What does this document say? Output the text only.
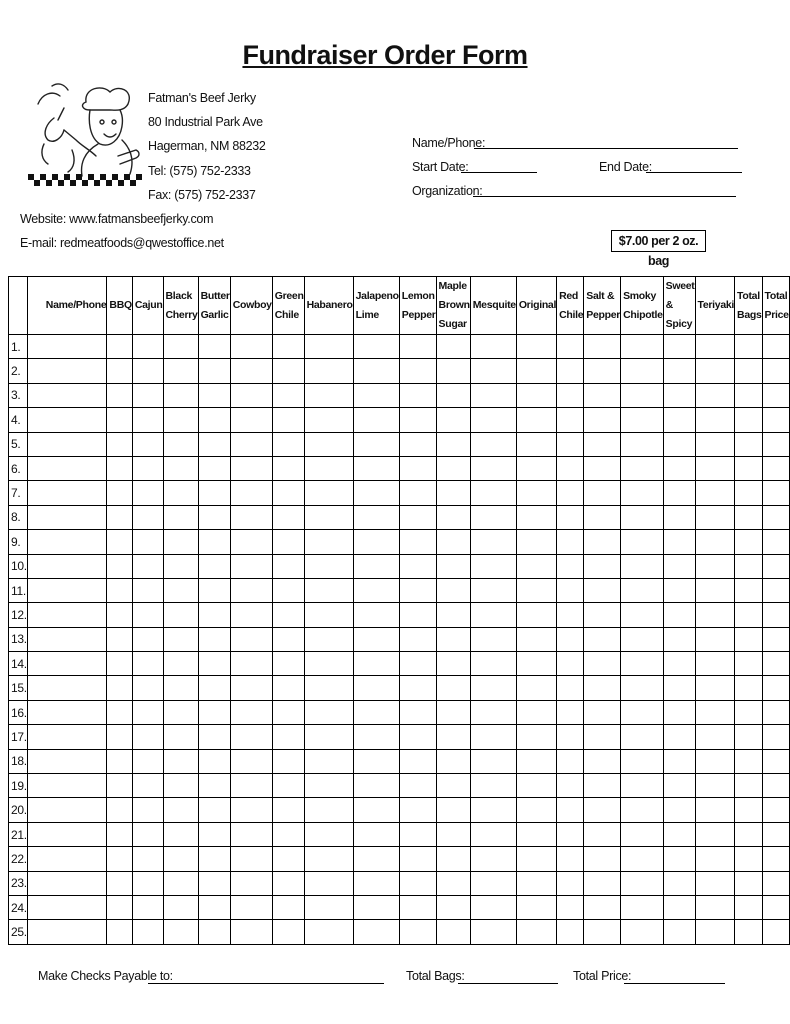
Fundraiser Order Form
Fatman's Beef Jerky
80 Industrial Park Ave
Hagerman, NM 88232
Tel: (575) 752-2333
Fax: (575) 752-2337
Website: www.fatmansbeefjerky.com
E-mail: redmeatfoods@qwestoffice.net
Name/Phone:
Start Date:	End Date:
Organization:
$7.00 per 2 oz. bag
	Name/Phone	BBQ	Cajun	Black Cherry	Butter Garlic	Cowboy	Green Chile	Habanero	Jalapeno Lime	Lemon Pepper	Maple Brown Sugar	Mesquite	Original	Red Chile	Salt & Pepper	Smoky Chipotle	Sweet & Spicy	Teriyaki	Total Bags	Total Price
1.																				
2.																				
3.																				
4.																				
5.																				
6.																				
7.																				
8.																				
9.																				
10.																				
11.																				
12.																				
13.																				
14.																				
15.																				
16.																				
17.																				
18.																				
19.																				
20.																				
21.																				
22.																				
23.																				
24.																				
25.																				
Make Checks Payable to:	Total Bags:	Total Price:
